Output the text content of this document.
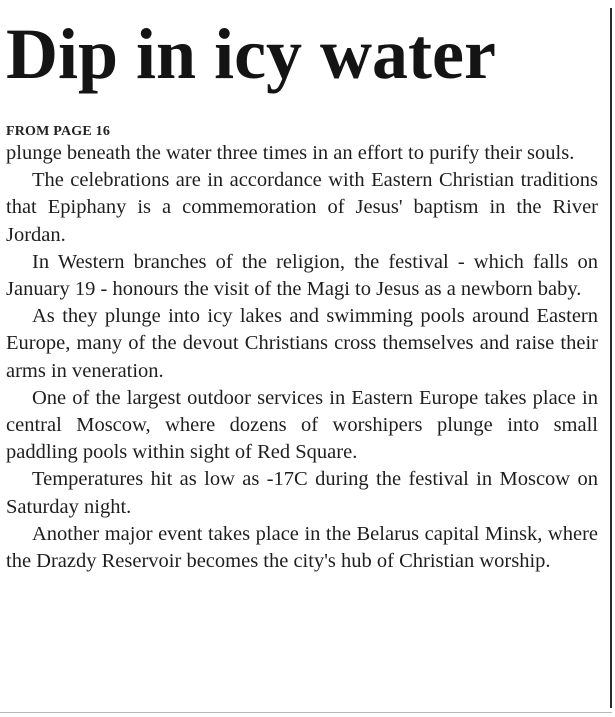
Dip in icy water
FROM PAGE 16

plunge beneath the water three times in an effort to purify their souls.

The celebrations are in accordance with Eastern Christian traditions that Epiphany is a commemoration of Jesus' baptism in the River Jordan.

In Western branches of the religion, the festival - which falls on January 19 - honours the visit of the Magi to Jesus as a newborn baby.

As they plunge into icy lakes and swimming pools around Eastern Europe, many of the devout Christians cross themselves and raise their arms in veneration.

One of the largest outdoor services in Eastern Europe takes place in central Moscow, where dozens of worshipers plunge into small paddling pools within sight of Red Square.

Temperatures hit as low as -17C during the festival in Moscow on Saturday night.

Another major event takes place in the Belarus capital Minsk, where the Drazdy Reservoir becomes the city's hub of Christian worship.
